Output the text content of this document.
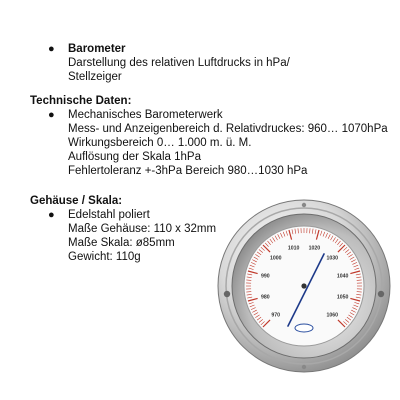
● Barometer
Darstellung des relativen Luftdrucks in hPa/
Stellzeiger
Technische Daten:
● Mechanisches Barometerwerk
Mess- und Anzeigenbereich d. Relativdruckes: 960… 1070hPa
Wirkungsbereich 0… 1.000 m. ü. M.
Auflösung der Skala 1hPa
Fehlertoleranz +-3hPa Bereich 980…1030 hPa
Gehäuse / Skala:
● Edelstahl poliert
Maße Gehäuse: 110 x 32mm
Maße Skala: ø85mm
Gewicht: 110g
970
980
990
1000
1010 1020
1030
1040
1050
1060
